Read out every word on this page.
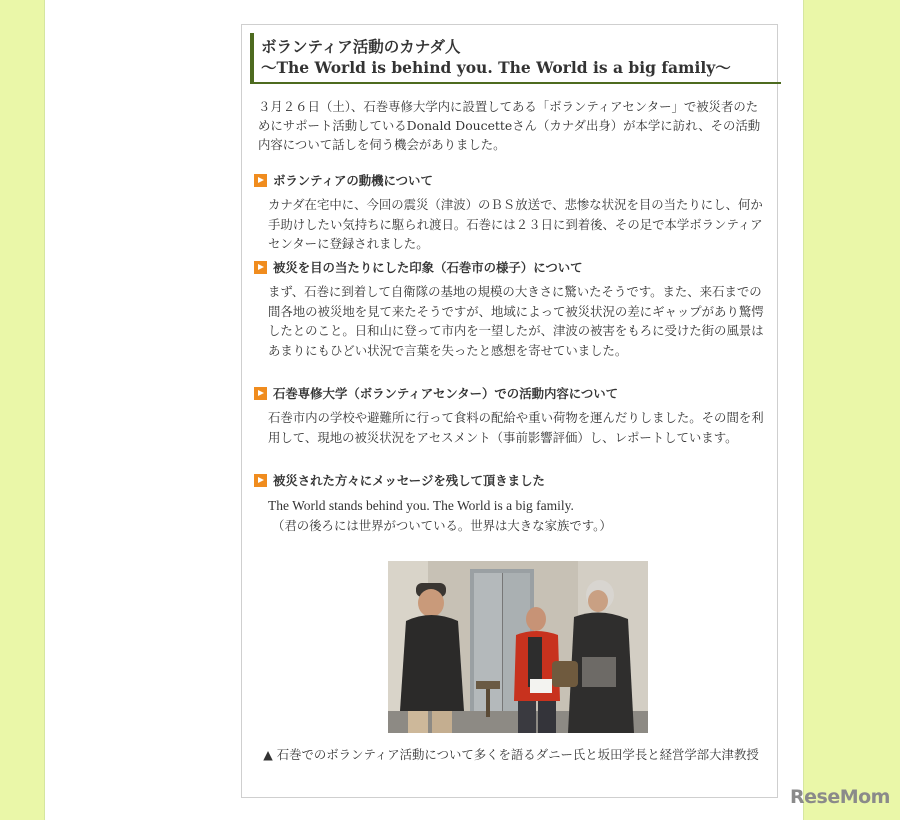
ボランティア活動のカナダ人
〜The World is behind you. The World is a big family〜
３月２６日（土）、石巻専修大学内に設置してある「ボランティアセンター」で被災者のためにサポート活動しているDonald Doucetteさん（カナダ出身）が本学に訪れ、その活動内容について話しを伺う機会がありました。
ボランティアの動機について
カナダ在宅中に、今回の震災（津波）のＢＳ放送で、悲惨な状況を目の当たりにし、何か手助けしたい気持ちに駆られ渡日。石巻には２３日に到着後、その足で本学ボランティアセンターに登録されました。
被災を目の当たりにした印象（石巻市の様子）について
まず、石巻に到着して自衛隊の基地の規模の大きさに驚いたそうです。また、来石までの間各地の被災地を見て来たそうですが、地域によって被災状況の差にギャップがあり驚愕したとのこと。日和山に登って市内を一望したが、津波の被害をもろに受けた街の風景はあまりにもひどい状況で言葉を失ったと感想を寄せていました。
石巻専修大学（ボランティアセンター）での活動内容について
石巻市内の学校や避難所に行って食料の配給や重い荷物を運んだりしました。その間を利用して、現地の被災状況をアセスメント（事前影響評価）し、レポートしています。
被災された方々にメッセージを残して頂きました
The World stands behind you. The World is a big family.
（君の後ろには世界がついている。世界は大きな家族です。）
▲ 石巻でのボランティア活動について多くを語るダニー氏と坂田学長と経営学部大津教授
ReseMom
